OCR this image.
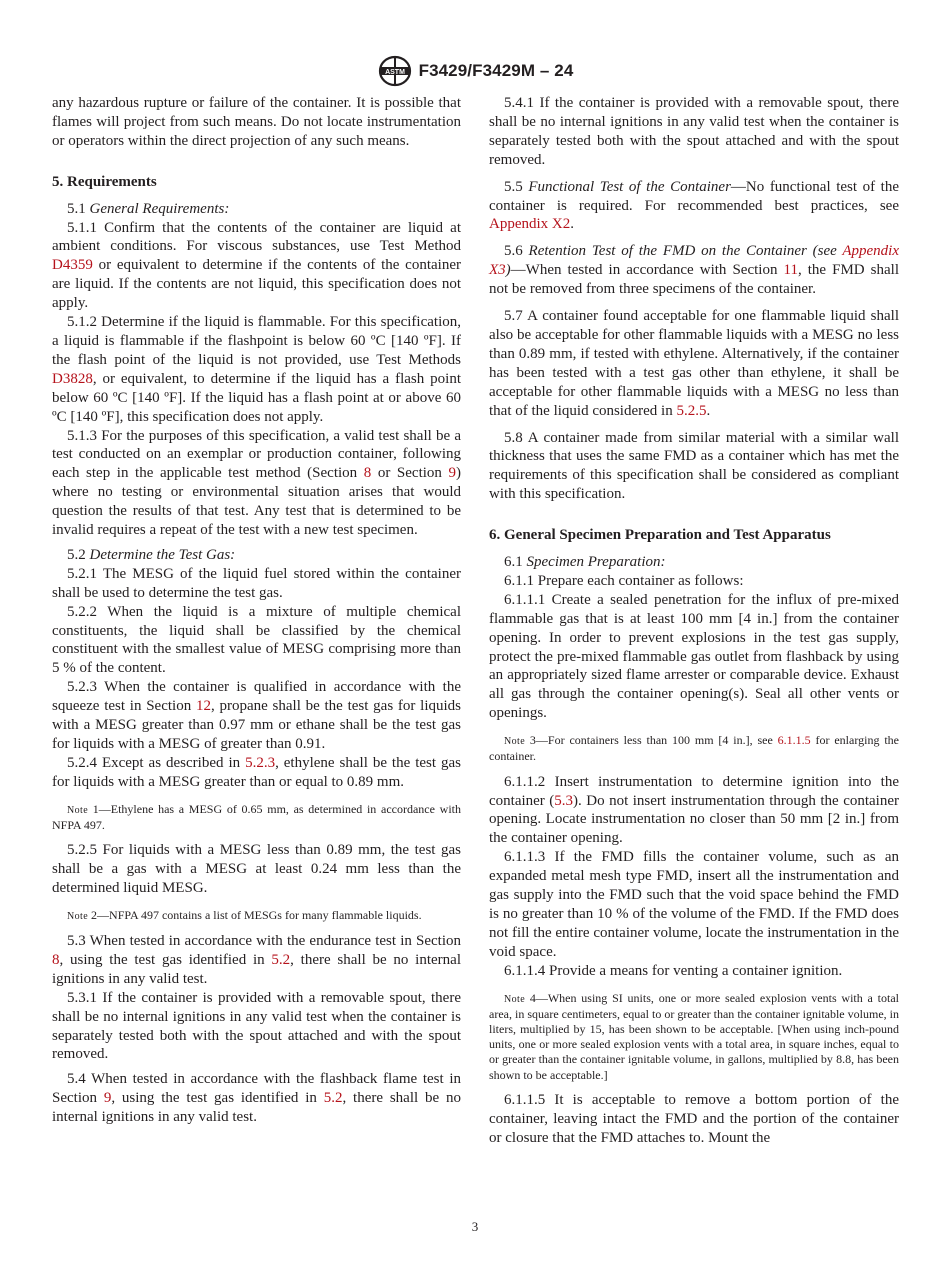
ASTM F3429/F3429M – 24

any hazardous rupture or failure of the container. It is possible that flames will project from such means. Do not locate instrumentation or operators within the direct projection of any such means.

5. Requirements

5.1 General Requirements:

5.1.1 Confirm that the contents of the container are liquid at ambient conditions. For viscous substances, use Test Method D4359 or equivalent to determine if the contents of the container are liquid. If the contents are not liquid, this specification does not apply.

5.1.2 Determine if the liquid is flammable. For this specification, a liquid is flammable if the flashpoint is below 60 ºC [140 ºF]. If the flash point of the liquid is not provided, use Test Methods D3828, or equivalent, to determine if the liquid has a flash point below 60 ºC [140 ºF]. If the liquid has a flash point at or above 60 ºC [140 ºF], this specification does not apply.

5.1.3 For the purposes of this specification, a valid test shall be a test conducted on an exemplar or production container, following each step in the applicable test method (Section 8 or Section 9) where no testing or environmental situation arises that would question the results of that test. Any test that is determined to be invalid requires a repeat of the test with a new test specimen.

5.2 Determine the Test Gas:

5.2.1 The MESG of the liquid fuel stored within the container shall be used to determine the test gas.

5.2.2 When the liquid is a mixture of multiple chemical constituents, the liquid shall be classified by the chemical constituent with the smallest value of MESG comprising more than 5 % of the content.

5.2.3 When the container is qualified in accordance with the squeeze test in Section 12, propane shall be the test gas for liquids with a MESG greater than 0.97 mm or ethane shall be the test gas for liquids with a MESG of greater than 0.91.

5.2.4 Except as described in 5.2.3, ethylene shall be the test gas for liquids with a MESG greater than or equal to 0.89 mm.

Note 1—Ethylene has a MESG of 0.65 mm, as determined in accordance with NFPA 497.

5.2.5 For liquids with a MESG less than 0.89 mm, the test gas shall be a gas with a MESG at least 0.24 mm less than the determined liquid MESG.

Note 2—NFPA 497 contains a list of MESGs for many flammable liquids.

5.3 When tested in accordance with the endurance test in Section 8, using the test gas identified in 5.2, there shall be no internal ignitions in any valid test.

5.3.1 If the container is provided with a removable spout, there shall be no internal ignitions in any valid test when the container is separately tested both with the spout attached and with the spout removed.

5.4 When tested in accordance with the flashback flame test in Section 9, using the test gas identified in 5.2, there shall be no internal ignitions in any valid test.

5.4.1 If the container is provided with a removable spout, there shall be no internal ignitions in any valid test when the container is separately tested both with the spout attached and with the spout removed.

5.5 Functional Test of the Container—No functional test of the container is required. For recommended best practices, see Appendix X2.

5.6 Retention Test of the FMD on the Container (see Appendix X3)—When tested in accordance with Section 11, the FMD shall not be removed from three specimens of the container.

5.7 A container found acceptable for one flammable liquid shall also be acceptable for other flammable liquids with a MESG no less than 0.89 mm, if tested with ethylene. Alternatively, if the container has been tested with a test gas other than ethylene, it shall be acceptable for other flammable liquids with a MESG no less than that of the liquid considered in 5.2.5.

5.8 A container made from similar material with a similar wall thickness that uses the same FMD as a container which has met the requirements of this specification shall be considered as compliant with this specification.

6. General Specimen Preparation and Test Apparatus

6.1 Specimen Preparation:

6.1.1 Prepare each container as follows:

6.1.1.1 Create a sealed penetration for the influx of pre-mixed flammable gas that is at least 100 mm [4 in.] from the container opening. In order to prevent explosions in the test gas supply, protect the pre-mixed flammable gas outlet from flashback by using an appropriately sized flame arrester or comparable device. Exhaust all gas through the container opening(s). Seal all other vents or openings.

Note 3—For containers less than 100 mm [4 in.], see 6.1.1.5 for enlarging the container.

6.1.1.2 Insert instrumentation to determine ignition into the container (5.3). Do not insert instrumentation through the container opening. Locate instrumentation no closer than 50 mm [2 in.] from the container opening.

6.1.1.3 If the FMD fills the container volume, such as an expanded metal mesh type FMD, insert all the instrumentation and gas supply into the FMD such that the void space behind the FMD is no greater than 10 % of the volume of the FMD. If the FMD does not fill the entire container volume, locate the instrumentation in the void space.

6.1.1.4 Provide a means for venting a container ignition.

Note 4—When using SI units, one or more sealed explosion vents with a total area, in square centimeters, equal to or greater than the container ignitable volume, in liters, multiplied by 15, has been shown to be acceptable. [When using inch-pound units, one or more sealed explosion vents with a total area, in square inches, equal to or greater than the container ignitable volume, in gallons, multiplied by 8.8, has been shown to be acceptable.]

6.1.1.5 It is acceptable to remove a bottom portion of the container, leaving intact the FMD and the portion of the container or closure that the FMD attaches to. Mount the

3
